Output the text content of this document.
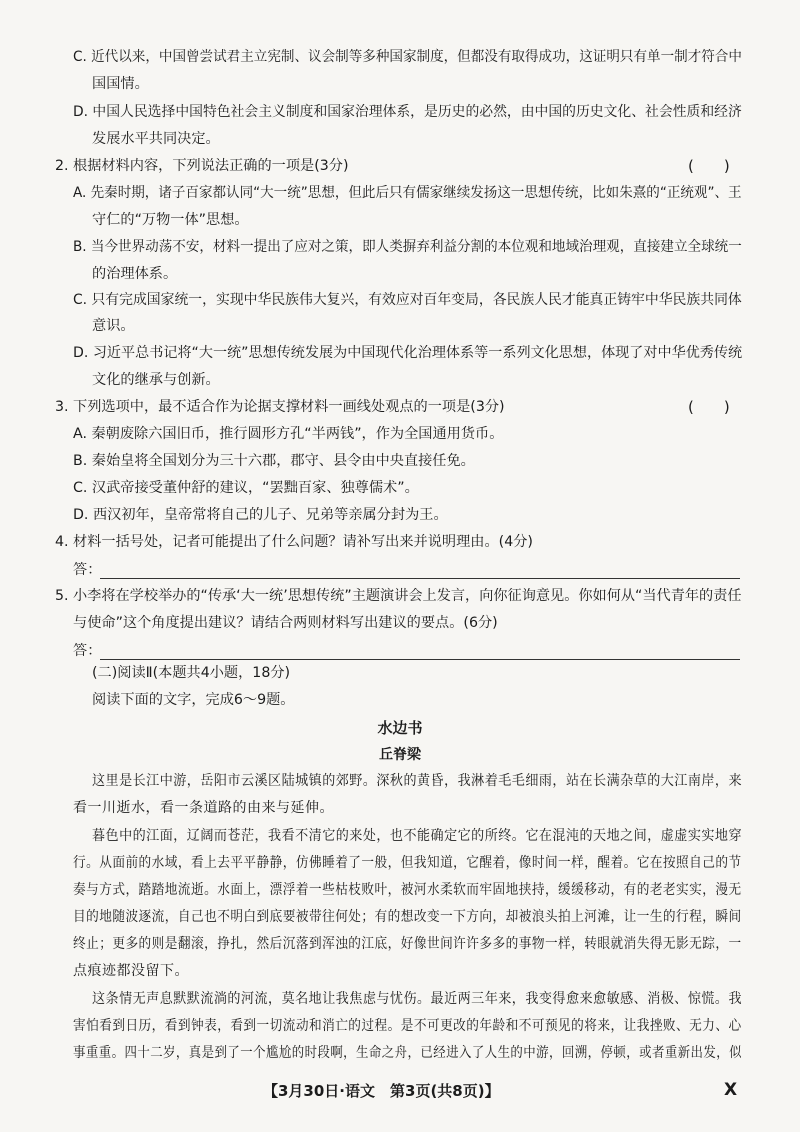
C. 近代以来，中国曾尝试君主立宪制、议会制等多种国家制度，但都没有取得成功，这证明只有单一制才符合中
国国情。
D. 中国人民选择中国特色社会主义制度和国家治理体系，是历史的必然，由中国的历史文化、社会性质和经济
发展水平共同决定。
2. 根据材料内容，下列说法正确的一项是(3分)	(　　)
A. 先秦时期，诸子百家都认同“大一统”思想，但此后只有儒家继续发扬这一思想传统，比如朱熹的“正统观”、王
守仁的“万物一体”思想。
B. 当今世界动荡不安，材料一提出了应对之策，即人类摒弃利益分割的本位观和地域治理观，直接建立全球统一
的治理体系。
C. 只有完成国家统一，实现中华民族伟大复兴，有效应对百年变局，各民族人民才能真正铸牢中华民族共同体
意识。
D. 习近平总书记将“大一统”思想传统发展为中国现代化治理体系等一系列文化思想，体现了对中华优秀传统
文化的继承与创新。
3. 下列选项中，最不适合作为论据支撑材料一画线处观点的一项是(3分)	(　　)
A. 秦朝废除六国旧币，推行圆形方孔“半两钱”，作为全国通用货币。
B. 秦始皇将全国划分为三十六郡，郡守、县令由中央直接任免。
C. 汉武帝接受董仲舒的建议，“罢黜百家、独尊儒术”。
D. 西汉初年，皇帝常将自己的儿子、兄弟等亲属分封为王。
4. 材料一括号处，记者可能提出了什么问题？请补写出来并说明理由。(4分)
答：
5. 小李将在学校举办的“传承‘大一统’思想传统”主题演讲会上发言，向你征询意见。你如何从“当代青年的责任
与使命”这个角度提出建议？请结合两则材料写出建议的要点。(6分)
答：
(二)阅读Ⅱ(本题共4小题，18分)
阅读下面的文字，完成6～9题。
水边书
丘脊梁
这里是长江中游，岳阳市云溪区陆城镇的郊野。深秋的黄昏，我淋着毛毛细雨，站在长满杂草的大江南岸，来
看一川逝水，看一条道路的由来与延伸。
暮色中的江面，辽阔而苍茫，我看不清它的来处，也不能确定它的所终。它在混沌的天地之间，虚虚实实地穿
行。从面前的水域，看上去平平静静，仿佛睡着了一般，但我知道，它醒着，像时间一样，醒着。它在按照自己的节
奏与方式，踏踏地流逝。水面上，漂浮着一些枯枝败叶，被河水柔软而牢固地挟持，缓缓移动，有的老老实实，漫无
目的地随波逐流，自己也不明白到底要被带往何处；有的想改变一下方向，却被浪头拍上河滩，让一生的行程，瞬间
终止；更多的则是翻滚，挣扎，然后沉落到浑浊的江底，好像世间许许多多的事物一样，转眼就消失得无影无踪，一
点痕迹都没留下。
这条情无声息默默流淌的河流，莫名地让我焦虑与忧伤。最近两三年来，我变得愈来愈敏感、消极、惊慌。我
害怕看到日历，看到钟表，看到一切流动和消亡的过程。是不可更改的年龄和不可预见的将来，让我挫败、无力、心
事重重。四十二岁，真是到了一个尴尬的时段啊，生命之舟，已经进入了人生的中游，回溯，停顿，或者重新出发，似
【3月30日·语文　第3页(共8页)】	X
